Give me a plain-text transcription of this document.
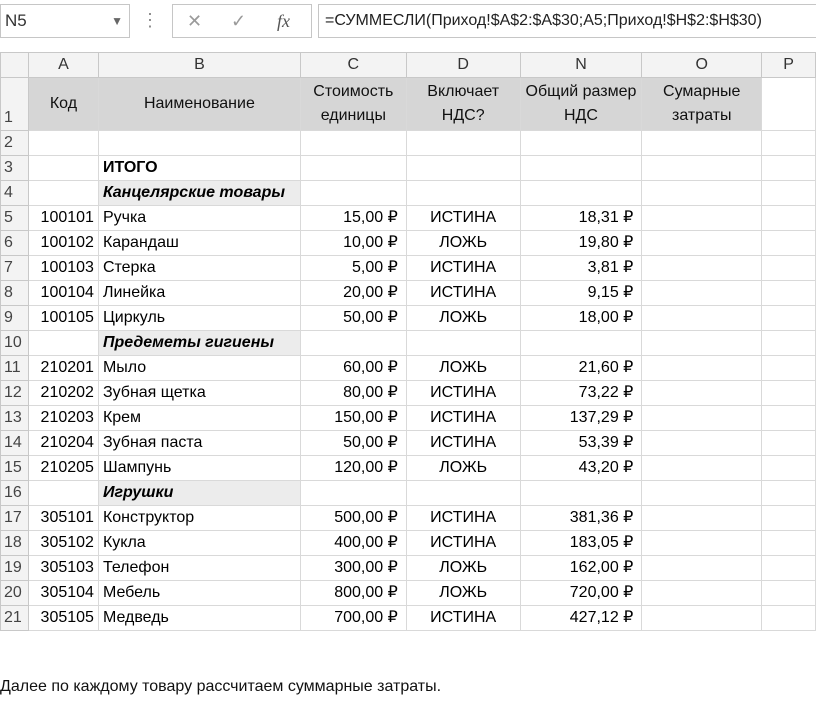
N5	▼ ⋮ ✕ ✓ fx	=СУММЕСЛИ(Приход!$A$2:$A$30;A5;Приход!$H$2:$H$30)
	A	B	C	D	N	O	P
1	Код	Наименование	Стоимость единицы	Включает НДС?	Общий размер НДС	Сумарные затраты	
2							
3		ИТОГО					
4		Канцелярские товары					
5	100101	Ручка	15,00 ₽	ИСТИНА	18,31 ₽		
6	100102	Карандаш	10,00 ₽	ЛОЖЬ	19,80 ₽		
7	100103	Стерка	5,00 ₽	ИСТИНА	3,81 ₽		
8	100104	Линейка	20,00 ₽	ИСТИНА	9,15 ₽		
9	100105	Циркуль	50,00 ₽	ЛОЖЬ	18,00 ₽		
10		Предеметы гигиены					
11	210201	Мыло	60,00 ₽	ЛОЖЬ	21,60 ₽		
12	210202	Зубная щетка	80,00 ₽	ИСТИНА	73,22 ₽		
13	210203	Крем	150,00 ₽	ИСТИНА	137,29 ₽		
14	210204	Зубная паста	50,00 ₽	ИСТИНА	53,39 ₽		
15	210205	Шампунь	120,00 ₽	ЛОЖЬ	43,20 ₽		
16		Игрушки					
17	305101	Конструктор	500,00 ₽	ИСТИНА	381,36 ₽		
18	305102	Кукла	400,00 ₽	ИСТИНА	183,05 ₽		
19	305103	Телефон	300,00 ₽	ЛОЖЬ	162,00 ₽		
20	305104	Мебель	800,00 ₽	ЛОЖЬ	720,00 ₽		
21	305105	Медведь	700,00 ₽	ИСТИНА	427,12 ₽		
Далее по каждому товару рассчитаем суммарные затраты.
